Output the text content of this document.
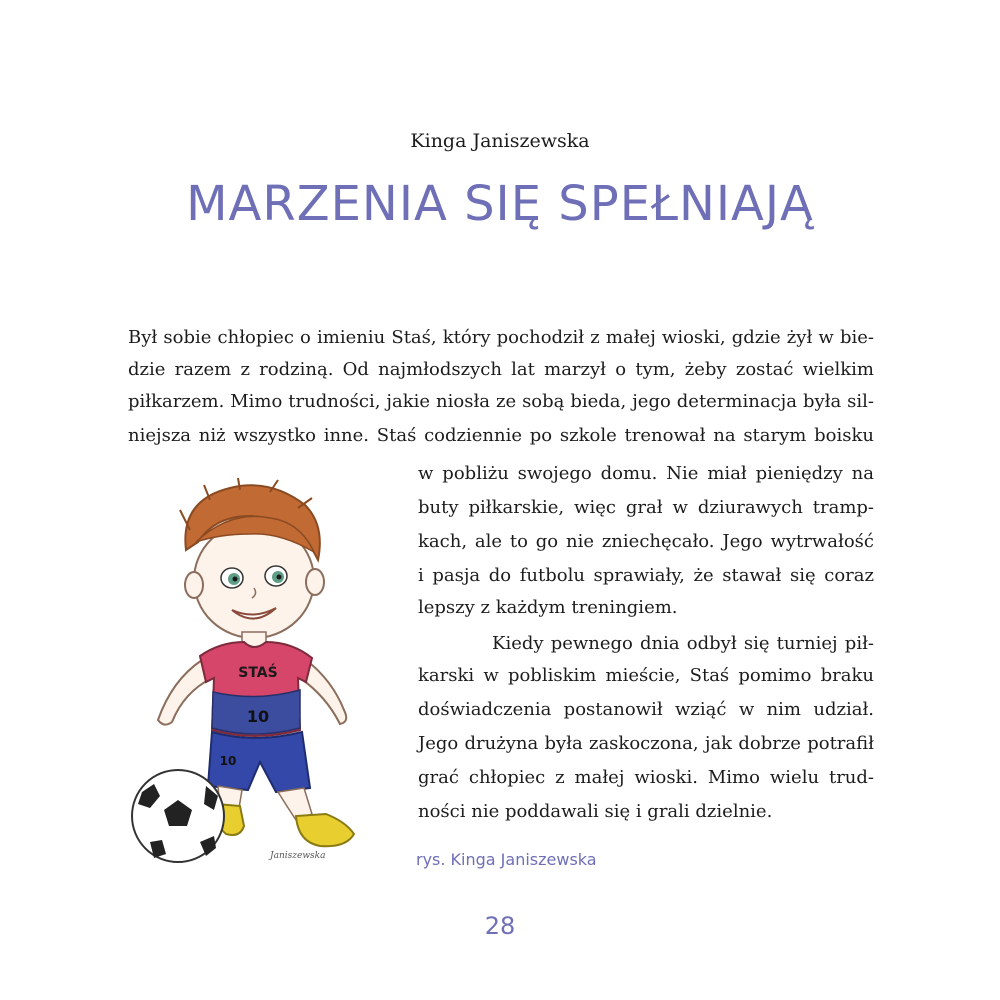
Kinga Janiszewska
MARZENIA SIĘ SPEŁNIAJĄ
Był sobie chłopiec o imieniu Staś, który pochodził z małej wioski, gdzie żył w bie-
dzie razem z rodziną. Od najmłodszych lat marzył o tym, żeby zostać wielkim
piłkarzem. Mimo trudności, jakie niosła ze sobą bieda, jego determinacja była sil-
niejsza niż wszystko inne. Staś codziennie po szkole trenował na starym boisku
w pobliżu swojego domu. Nie miał pieniędzy na
buty piłkarskie, więc grał w dziurawych tramp-
kach, ale to go nie zniechęcało. Jego wytrwałość
i pasja do futbolu sprawiały, że stawał się coraz
lepszy z każdym treningiem.
Kiedy pewnego dnia odbył się turniej pił-
karski w pobliskim mieście, Staś pomimo braku
doświadczenia postanowił wziąć w nim udział.
Jego drużyna była zaskoczona, jak dobrze potrafił
grać chłopiec z małej wioski. Mimo wielu trud-
ności nie poddawali się i grali dzielnie.
STAŚ
10
10
Janiszewska	rys. Kinga Janiszewska
28
